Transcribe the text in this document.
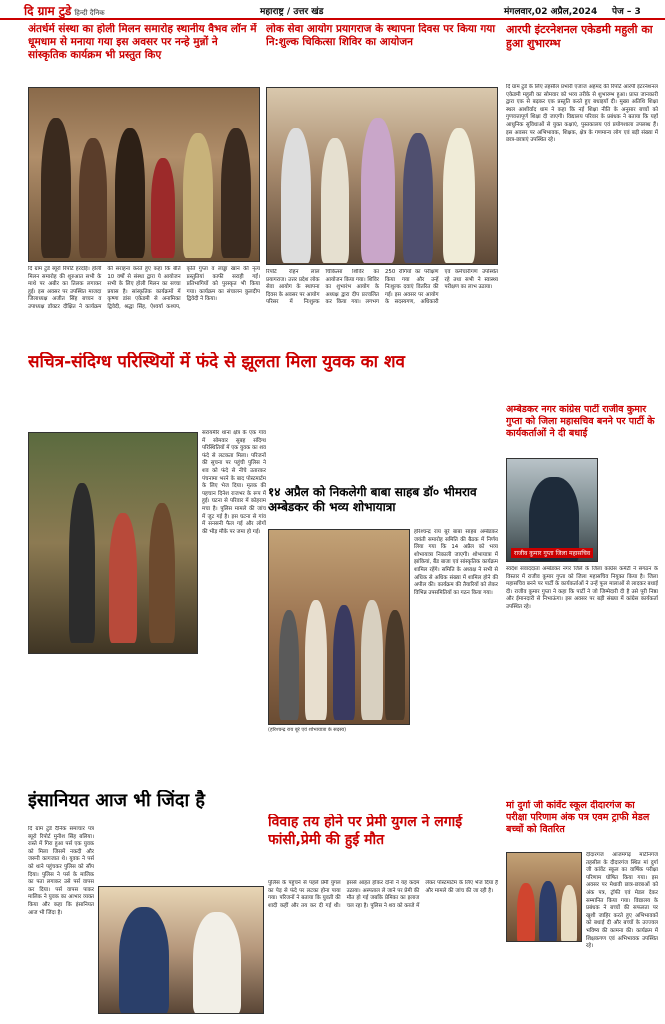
दि ग्राम टुडे हिन्दी दैनिक	महाराष्ट्र / उत्तर खंड	मंगलवार,02 अप्रैल,2024 पेज – 3
अंतर्धर्म संस्था का होली मिलन समारोह स्थानीय वैभव लॉन में धूमधाम से मनाया गया इस अवसर पर नन्हे मुन्नों ने सांस्कृतिक कार्यक्रम भी प्रस्तुत किए
दि ग्राम टुडे ब्यूरो रिपोर्ट हरदोई। होली मिलन समारोह की शुरुआत सभी के माथे पर अबीर का तिलक लगाकर हुई। इस अवसर पर उपस्थित माजदा जिलाध्यक्ष अजीत सिंह बच्चन व उपाध्यक्ष डॉक्टर दीक्षित ने कार्यक्रम की सराहना करते हुए कहा कि बीते 10 वर्षों से संस्था द्वारा ये आयोजन सभी के लिए होली मिलन का सच्चा प्रयास है। सांस्कृतिक कार्यक्रमों में कृष्णा डांस एकेडमी से अनामिका द्विवेदी, श्रद्धा सिंह, ऐश्वर्या कश्यप, कृति गुप्ता व लाड्डा खान की नृत्य प्रस्तुतियां काफी सराही गईं। प्रतिभागियों को पुरस्कृत भी किया गया। कार्यक्रम का संचालन कुलदीप द्विवेदी ने किया।
लोक सेवा आयोग प्रयागराज के स्थापना दिवस पर किया गया नि:शुल्क चिकित्सा शिविर का आयोजन
रिपोर्ट रोहन लाल प्रयागराज। उत्तर प्रदेश लोक सेवा आयोग के स्थापना दिवस के अवसर पर आयोग परिसर में निःशुल्क चिकित्सा शिविर का आयोजन किया गया। शिविर का शुभारंभ आयोग के अध्यक्ष द्वारा दीप प्रज्वलित कर किया गया। लगभग 250 रोगियों का परीक्षण किया गया और उन्हें निःशुल्क दवाएं वितरित की गईं। इस अवसर पर आयोग के सदस्यगण, अधिकारी एवं कर्मचारीगण उपस्थित रहे तथा सभी ने स्वास्थ्य परीक्षण का लाभ उठाया।
आरपी इंटरनेशनल एकेडमी महुली का हुआ शुभारम्भ
दि ग्राम टुडे के लिए तहसील प्रभारी एजाज अहमद की रिपोर्ट आरपी इंटरनेशनल एकेडमी महुली का सोमवार को भव्य तरीके से शुभारम्भ हुआ। प्राप्त जानकारी द्वारा एक से बढ़कर एक प्रस्तुति करते हुए बधाइयाँ दी। मुख्य अतिथि शिक्षा स्थल आशीर्वाद धाम ने कहा कि नई शिक्षा नीति के अनुसार बच्चों को गुणवत्तापूर्ण शिक्षा दी जाएगी। विद्यालय परिवार के प्रबंधक ने बताया कि यहाँ आधुनिक सुविधाओं से युक्त कक्षाएं, पुस्तकालय एवं प्रयोगशाला उपलब्ध हैं। इस अवसर पर अभिभावक, शिक्षक, क्षेत्र के गणमान्य लोग एवं बड़ी संख्या में छात्र-छात्राएं उपस्थित रहे।
सचित्र-संदिग्ध परिस्थियों में फंदे से झूलता मिला युवक का शव
सरायमीर थाना क्षेत्र के एक गांव में सोमवार सुबह संदिग्ध परिस्थितियों में एक युवक का शव फंदे से लटकता मिला। परिजनों की सूचना पर पहुंची पुलिस ने शव को फंदे से नीचे उतारकर पंचनामा भरने के बाद पोस्टमार्टम के लिए भेज दिया। मृतक की पहचान दिनेश राजभर के रूप में हुई। घटना से परिवार में कोहराम मचा है। पुलिस मामले की जांच में जुट गई है। इस घटना से गांव में सनसनी फैल गई और लोगों की भीड़ मौके पर जमा हो गई।
१४ अप्रैल को निकलेगी बाबा साहब डॉ० भीमराव अम्बेडकर की भव्य शोभायात्रा
(हरिश्चन्द्र राय बूरे एवं शोभायात्रा के सदस्य)
हरिश्चन्द्र राय बूरे बाबा साहब अम्बेडकर जयंती समारोह समिति की बैठक में निर्णय लिया गया कि 14 अप्रैल को भव्य शोभायात्रा निकाली जाएगी। शोभायात्रा में झांकियां, बैंड बाजा एवं सांस्कृतिक कार्यक्रम शामिल रहेंगे। समिति के अध्यक्ष ने सभी से अधिक से अधिक संख्या में शामिल होने की अपील की। कार्यक्रम की तैयारियों को लेकर विभिन्न उपसमितियों का गठन किया गया।
अम्बेडकर नगर कांग्रेस पार्टी राजीव कुमार गुप्ता को जिला महासचिव बनने पर पार्टी के कार्यकर्ताओं ने दी बधाई
राजीव कुमार गुप्ता जिला महासचिव
स्वदेश संवाददाता अम्बेडकर नगर जिले के जिला कांग्रेस कमेटी ने संगठन के विस्तार में राजीव कुमार गुप्ता को जिला महासचिव नियुक्त किया है। जिला महासचिव बनने पर पार्टी के कार्यकर्ताओं ने उन्हें फूल मालाओं से लादकर बधाई दी। राजीव कुमार गुप्ता ने कहा कि पार्टी ने जो जिम्मेदारी दी है उसे पूरी निष्ठा और ईमानदारी से निभाऊंगा। इस अवसर पर बड़ी संख्या में कांग्रेस कार्यकर्ता उपस्थित रहे।
इंसानियत आज भी जिंदा है
दि ग्राम टुडे दैनिक समाचार पत्र ब्यूरो रिपोर्ट मुनीश सिंह बलिया। रास्ते में गिरा हुआ पर्स एक युवक को मिला जिसमें नकदी और जरूरी कागजात थे। युवक ने पर्स को थाने पहुंचकर पुलिस को सौंप दिया। पुलिस ने पर्स के मालिक का पता लगाकर उसे पर्स वापस कर दिया। पर्स वापस पाकर मालिक ने युवक का आभार व्यक्त किया और कहा कि इंसानियत आज भी जिंदा है।
विवाह तय होने पर प्रेमी युगल ने लगाई फांसी,प्रेमी की हुई मौत
पुलिस के पहुंचने से पहले प्रेमी युगल का पेड़ से फंदे पर लटका होना पाया गया। परिजनों ने बताया कि युवती की शादी कहीं और तय कर दी गई थी। इससे आहत होकर दोनों ने यह कदम उठाया। अस्पताल ले जाने पर प्रेमी की मौत हो गई जबकि प्रेमिका का इलाज चल रहा है। पुलिस ने शव को कब्जे में लेकर पोस्टमार्टम के लिए भेज दिया है और मामले की जांच की जा रही है।
मां दुर्गा जी कांवेंट स्कूल दीदारगंज का परीक्षा परिणाम अंक पत्र एवम ट्राफी मेडल बच्चों को वितरित
दीदारगंज आजमगढ़ मार्टीनगंज तहसील के दीदारगंज स्थित मां दुर्गा जी कांवेंट स्कूल का वार्षिक परीक्षा परिणाम घोषित किया गया। इस अवसर पर मेधावी छात्र-छात्राओं को अंक पत्र, ट्रॉफी एवं मेडल देकर सम्मानित किया गया। विद्यालय के प्रबंधक ने बच्चों की सफलता पर खुशी जाहिर करते हुए अभिभावकों को बधाई दी और बच्चों के उज्ज्वल भविष्य की कामना की। कार्यक्रम में शिक्षकगण एवं अभिभावक उपस्थित रहे।
